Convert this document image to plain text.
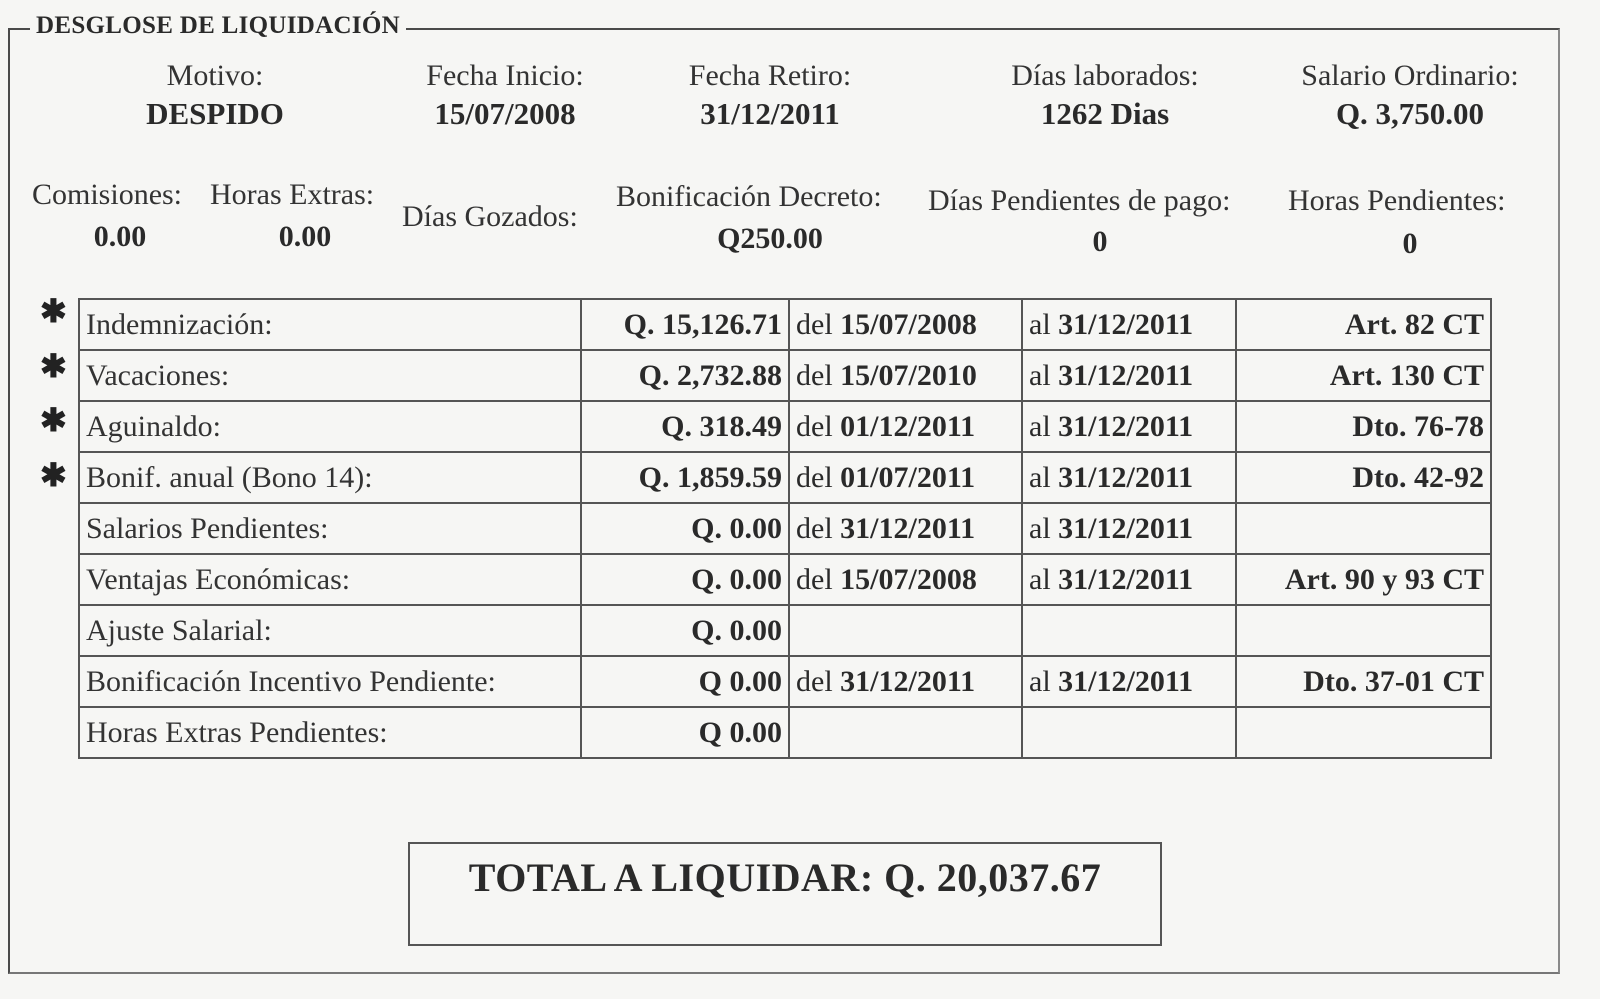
DESGLOSE DE LIQUIDACIÓN
Motivo:
DESPIDO
Fecha Inicio:
15/07/2008
Fecha Retiro:
31/12/2011
Días laborados:
1262 Dias
Salario Ordinario:
Q. 3,750.00
Comisiones:
0.00
Horas Extras:
0.00
Días Gozados:
Bonificación Decreto:
Q250.00
Días Pendientes de pago:
0
Horas Pendientes:
0
✱
✱
✱
✱
Indemnización:	Q. 15,126.71	del 15/07/2008	al 31/12/2011	Art. 82 CT
Vacaciones:	Q. 2,732.88	del 15/07/2010	al 31/12/2011	Art. 130 CT
Aguinaldo:	Q. 318.49	del 01/12/2011	al 31/12/2011	Dto. 76-78
Bonif. anual (Bono 14):	Q. 1,859.59	del 01/07/2011	al 31/12/2011	Dto. 42-92
Salarios Pendientes:	Q. 0.00	del 31/12/2011	al 31/12/2011	
Ventajas Económicas:	Q. 0.00	del 15/07/2008	al 31/12/2011	Art. 90 y 93 CT
Ajuste Salarial:	Q. 0.00			
Bonificación Incentivo Pendiente:	Q 0.00	del 31/12/2011	al 31/12/2011	Dto. 37-01 CT
Horas Extras Pendientes:	Q 0.00			
TOTAL A LIQUIDAR: Q. 20,037.67
